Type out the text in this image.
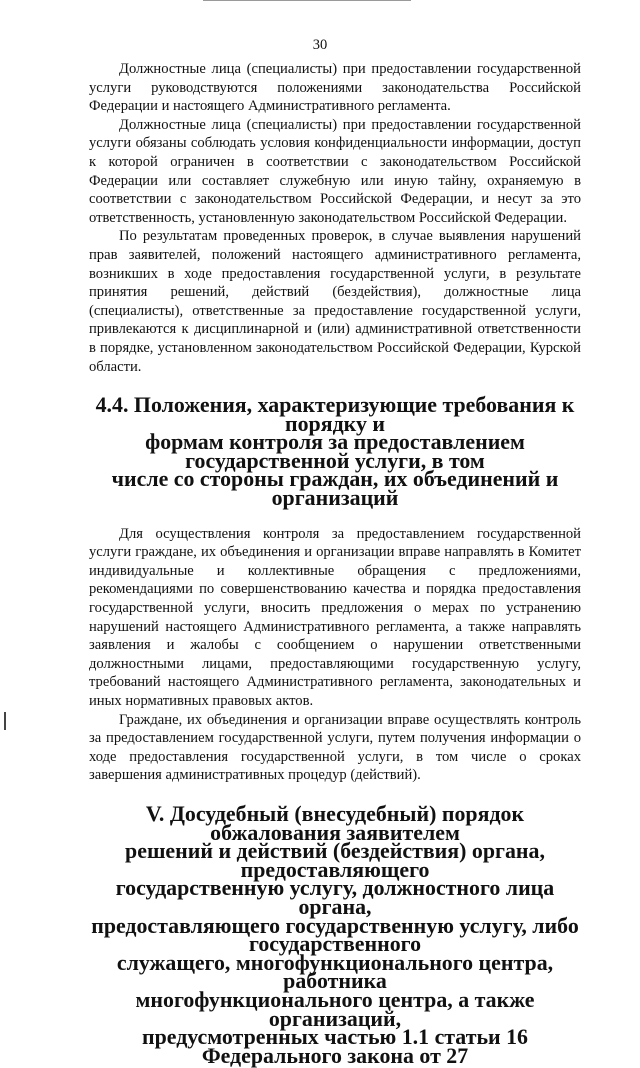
30

Должностные лица (специалисты) при предоставлении государственной услуги руководствуются положениями законодательства Российской Федерации и настоящего Административного регламента.

Должностные лица (специалисты) при предоставлении государственной услуги обязаны соблюдать условия конфиденциальности информации, доступ к которой ограничен в соответствии с законодательством Российской Федерации или составляет служебную или иную тайну, охраняемую в соответствии с законодательством Российской Федерации, и несут за это ответственность, установленную законодательством Российской Федерации.

По результатам проведенных проверок, в случае выявления нарушений прав заявителей, положений настоящего административного регламента, возникших в ходе предоставления государственной услуги, в результате принятия решений, действий (бездействия), должностные лица (специалисты), ответственные за предоставление государственной услуги, привлекаются к дисциплинарной и (или) административной ответственности в порядке, установленном законодательством Российской Федерации, Курской области.

4.4. Положения, характеризующие требования к порядку и
формам контроля за предоставлением государственной услуги, в том
числе со стороны граждан, их объединений и организаций

Для осуществления контроля за предоставлением государственной услуги граждане, их объединения и организации вправе направлять в Комитет индивидуальные и коллективные обращения с предложениями, рекомендациями по совершенствованию качества и порядка предоставления государственной услуги, вносить предложения о мерах по устранению нарушений настоящего Административного регламента, а также направлять заявления и жалобы с сообщением о нарушении ответственными должностными лицами, предоставляющими государственную услугу, требований настоящего Административного регламента, законодательных и иных нормативных правовых актов.

Граждане, их объединения и организации вправе осуществлять контроль за предоставлением государственной услуги, путем получения информации о ходе предоставления государственной услуги, в том числе о сроках завершения административных процедур (действий).

V. Досудебный (внесудебный) порядок обжалования заявителем
решений и действий (бездействия) органа, предоставляющего
государственную услугу, должностного лица органа,
предоставляющего государственную услугу, либо государственного
служащего, многофункционального центра, работника
многофункционального центра, а также организаций,
предусмотренных частью 1.1 статьи 16 Федерального закона от 27
